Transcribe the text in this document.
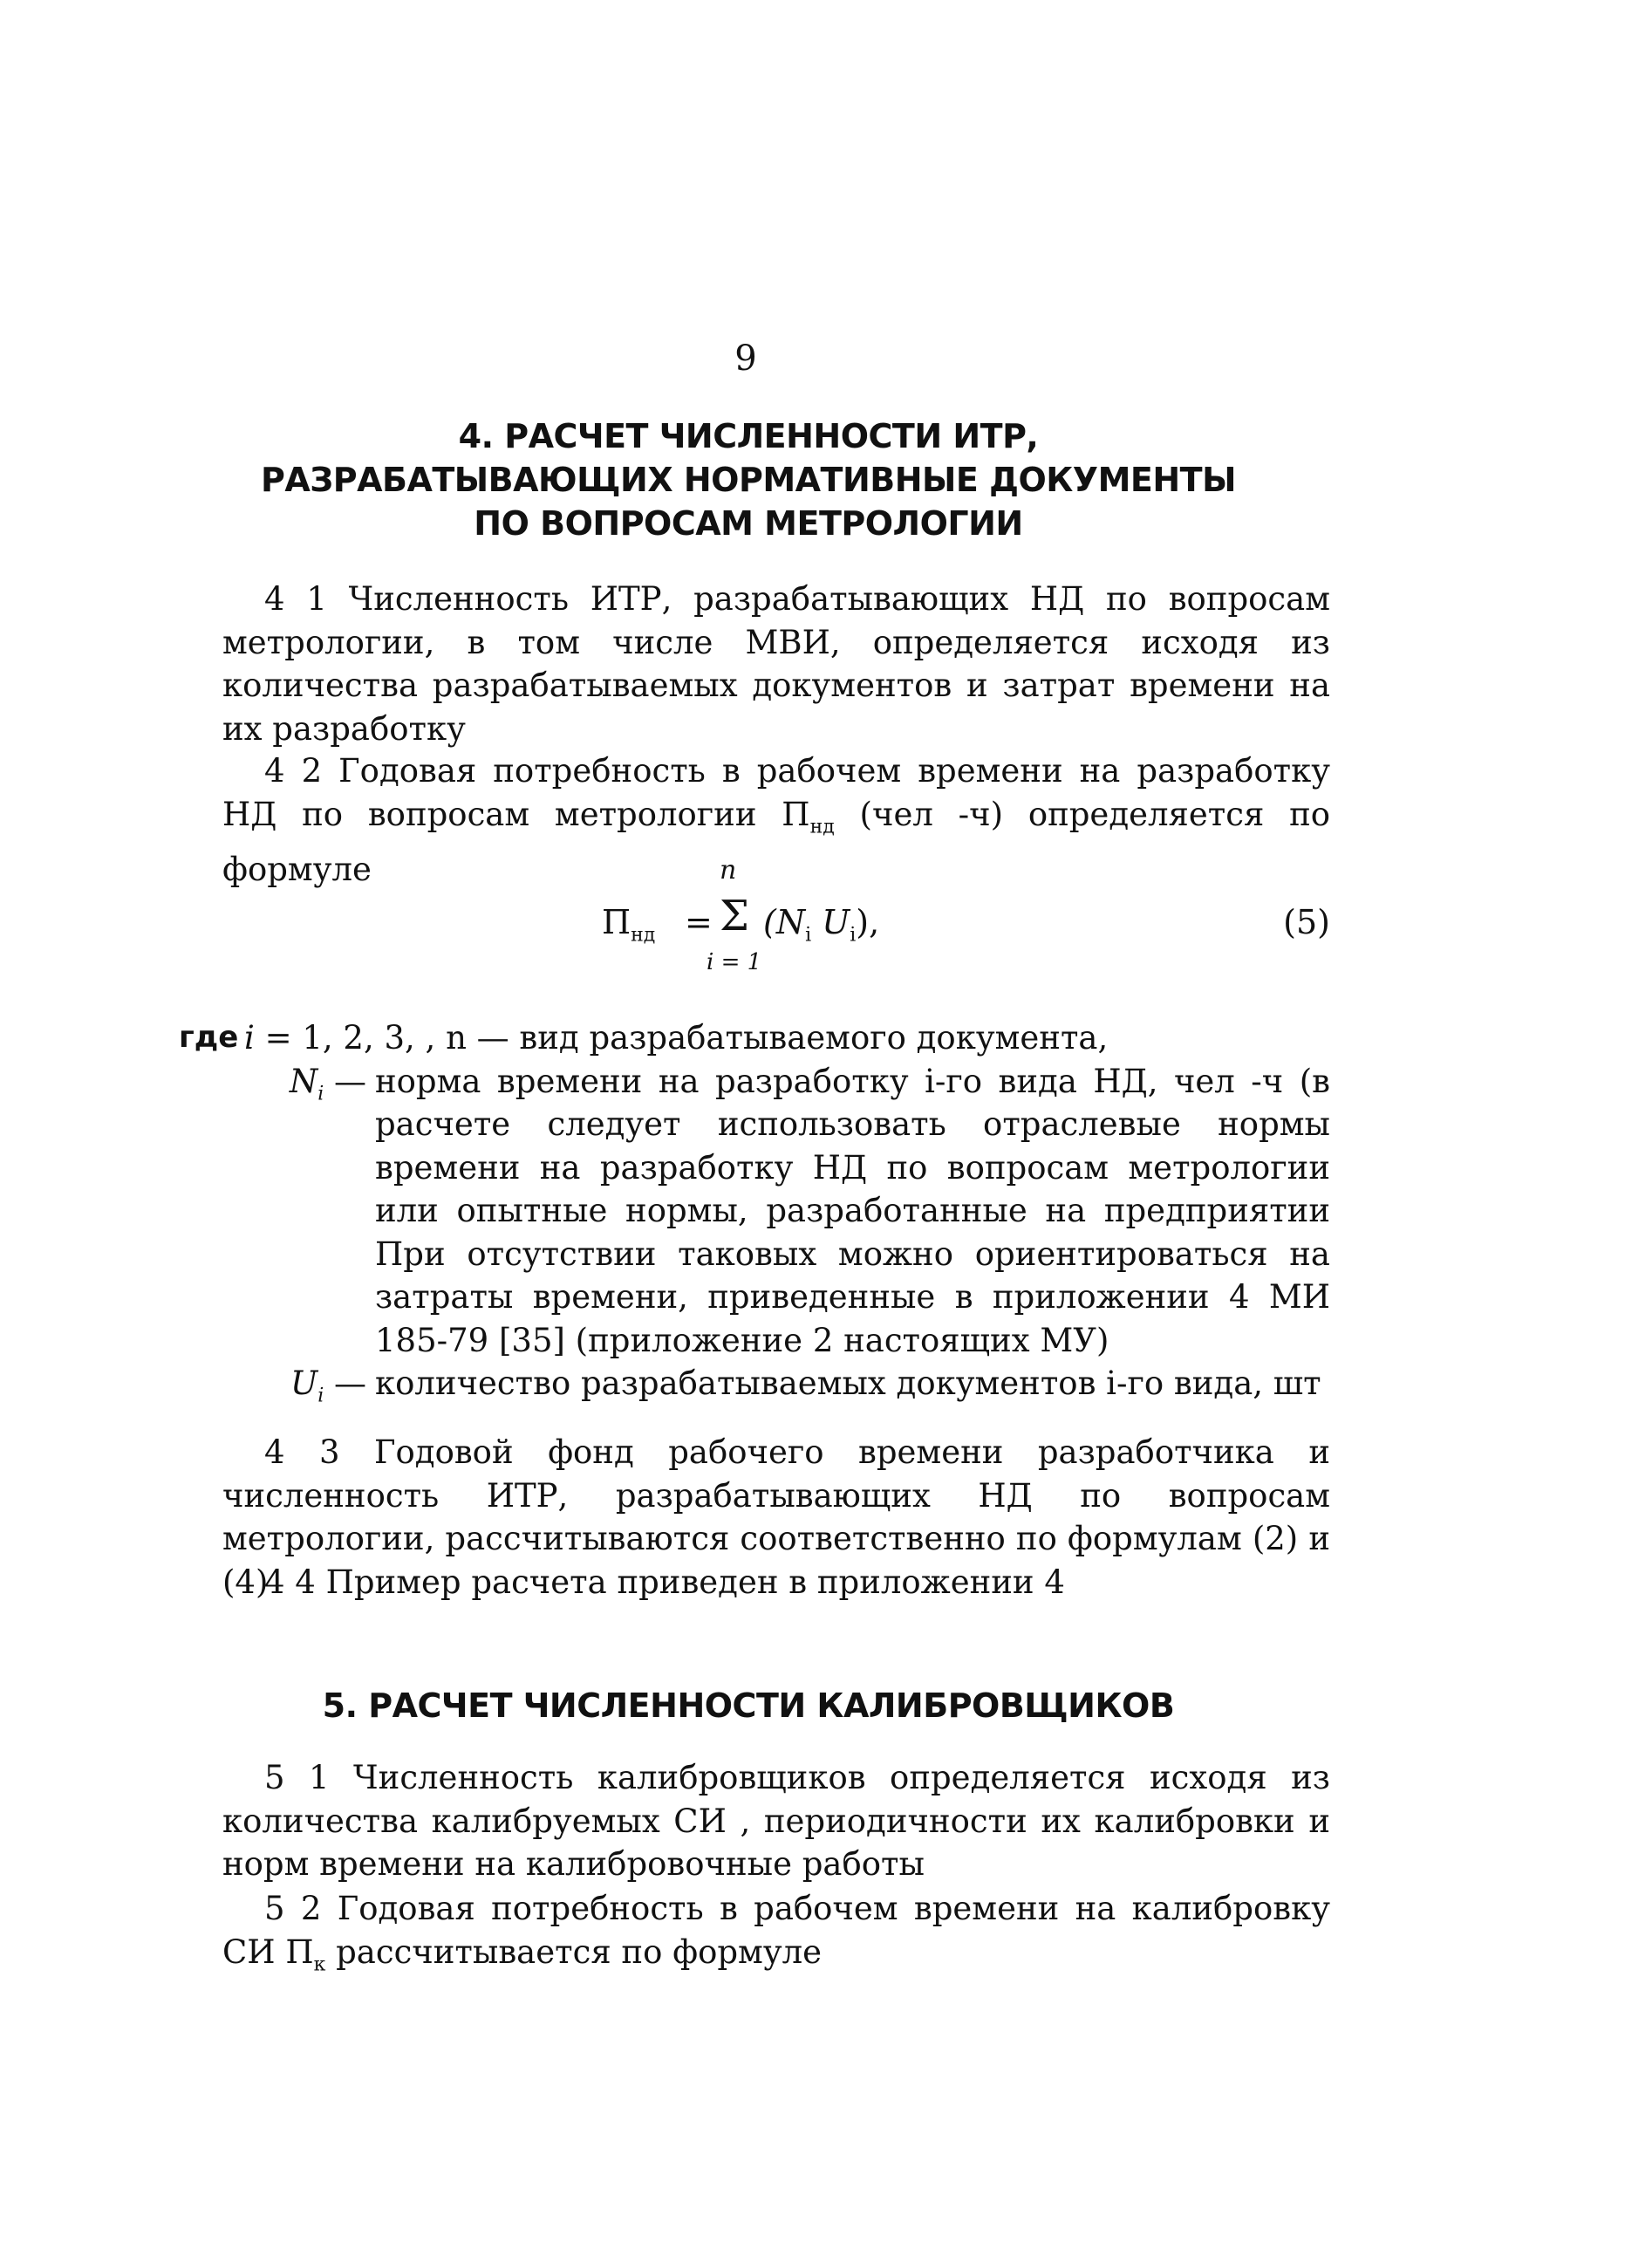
9
4. РАСЧЕТ ЧИСЛЕННОСТИ ИТР,
РАЗРАБАТЫВАЮЩИХ НОРМАТИВНЫЕ ДОКУМЕНТЫ
ПО ВОПРОСАМ МЕТРОЛОГИИ
4 1 Численность ИТР, разрабатывающих НД по вопросам метрологии, в том числе МВИ, определяется исходя из количества разрабатываемых документов и затрат времени на их разработку
4 2 Годовая потребность в рабочем времени на разработку НД по вопросам метрологии $П_{нд}$ (чел -ч) определяется по формуле	n
$П_{нд} = \Sigma$ ($N_i$ $U_i$),
i = 1
(5)
где i = 1, 2, 3, , n — вид разрабатываемого документа,
$N_i$ — норма времени на разработку i-го вида НД, чел -ч (в расчете следует использовать отраслевые нормы времени на разработку НД по вопросам метрологии или опытные нормы, разработанные на предприятии При отсутствии таковых можно ориентироваться на затраты времени, приведенные в приложении 4 МИ 185-79 [35] (приложение 2 настоящих МУ)
$U_i$ — количество разрабатываемых документов i-го вида, шт
4 3 Годовой фонд рабочего времени разработчика и численность ИТР, разрабатывающих НД по вопросам метрологии, рассчитываются соответственно по формулам (2) и (4)
4 4 Пример расчета приведен в приложении 4
5. РАСЧЕТ ЧИСЛЕННОСТИ КАЛИБРОВЩИКОВ
5 1 Численность калибровщиков определяется исходя из количества калибруемых СИ , периодичности их калибровки и норм времени на калибровочные работы
5 2 Годовая потребность в рабочем времени на калибровку СИ $П_к$ рассчитывается по формуле
